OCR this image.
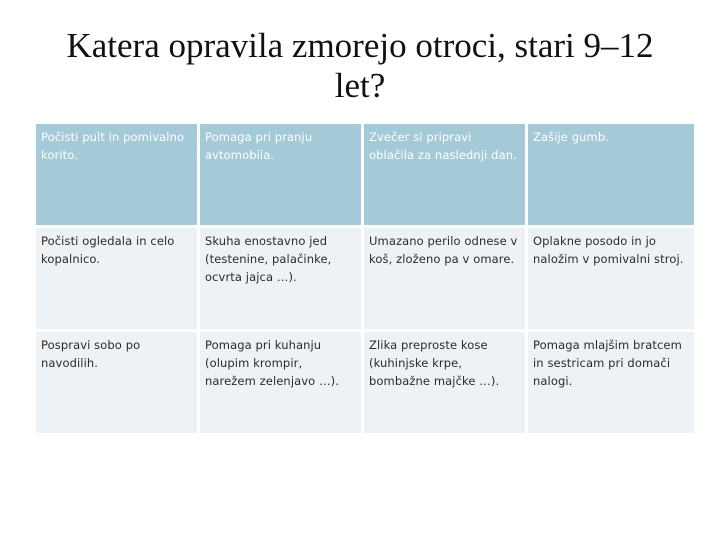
Katera opravila zmorejo otroci, stari 9–12 let?
Počisti pult in pomivalno korito.
Pomaga pri pranju avtomobila.
Zvečer si pripravi oblačila za naslednji dan.
Zašije gumb.
Počisti ogledala in celo kopalnico.
Skuha enostavno jed (testenine, palačinke, ocvrta jajca …).
Umazano perilo odnese v koš, zloženo pa v omare.
Oplakne posodo in jo naložim v pomivalni stroj.
Pospravi sobo po navodilih.
Pomaga pri kuhanju (olupim krompir, narežem zelenjavo …).
Zlika preproste kose (kuhinjske krpe, bombažne majčke …).
Pomaga mlajšim bratcem in sestricam pri domači nalogi.
